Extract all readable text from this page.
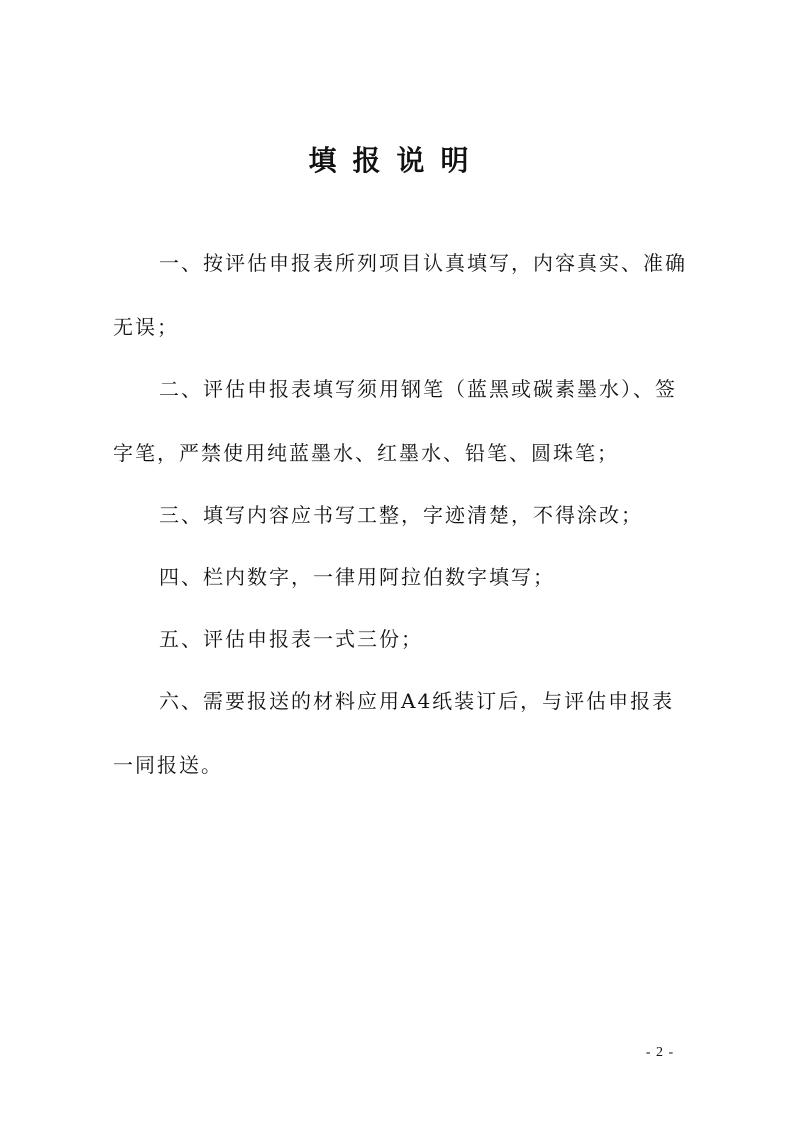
填报说明
一、按评估申报表所列项目认真填写，内容真实、准确
无误；
二、评估申报表填写须用钢笔（蓝黑或碳素墨水）、签
字笔，严禁使用纯蓝墨水、红墨水、铅笔、圆珠笔；
三、填写内容应书写工整，字迹清楚，不得涂改；
四、栏内数字，一律用阿拉伯数字填写；
五、评估申报表一式三份；
六、需要报送的材料应用A4纸装订后，与评估申报表
一同报送。
- 2 -
